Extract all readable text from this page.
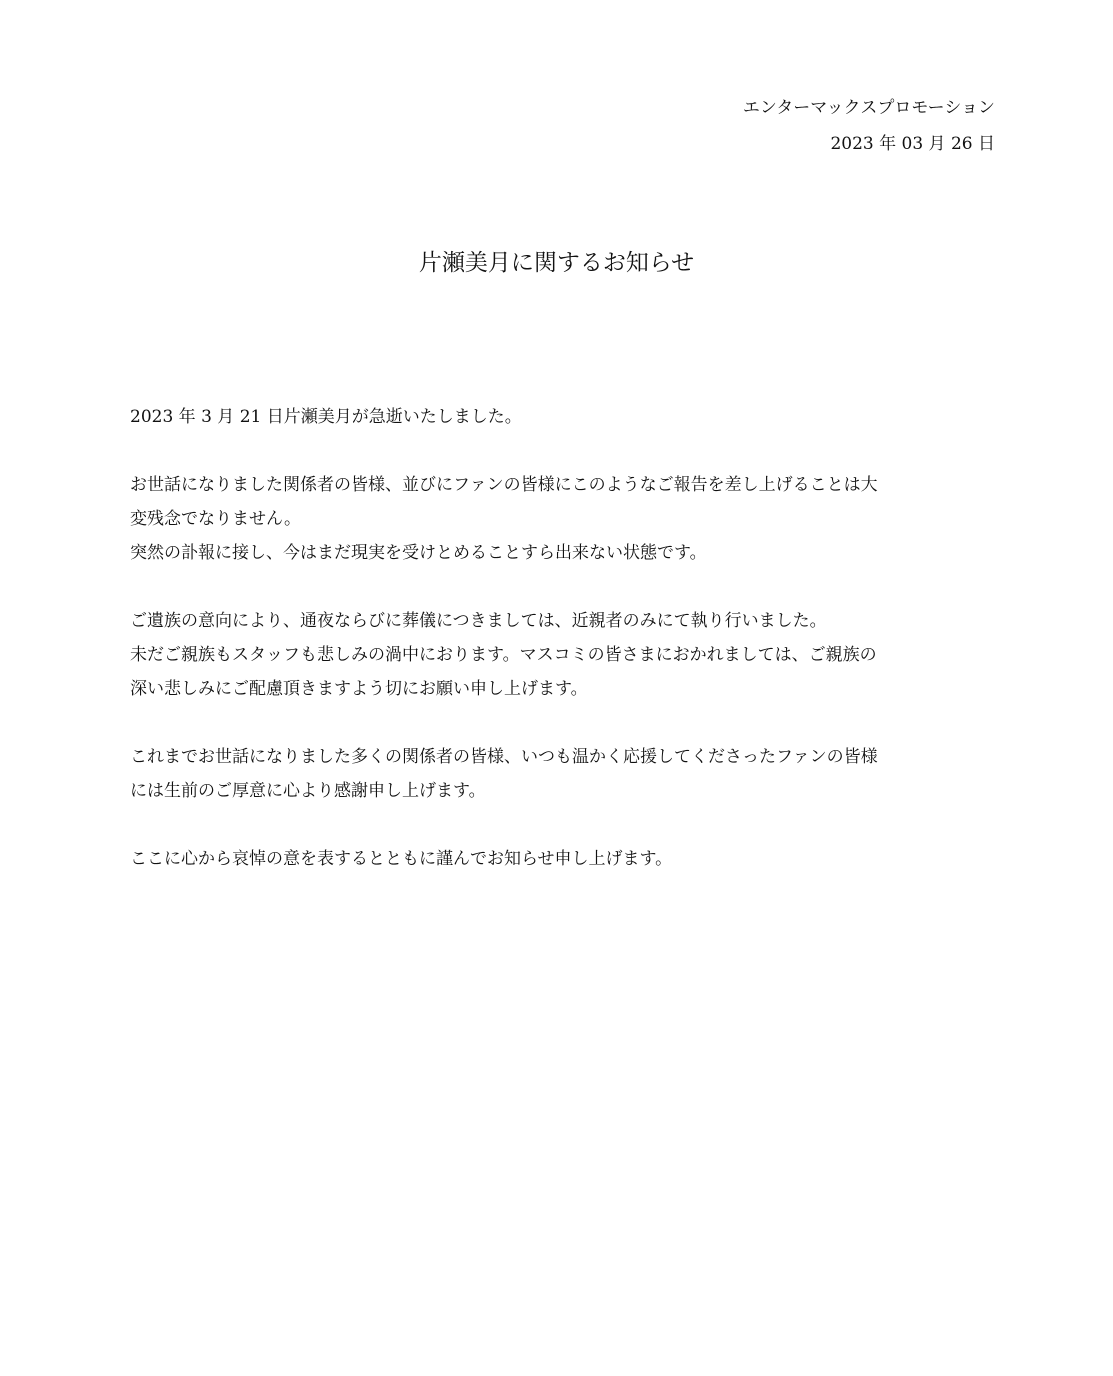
エンターマックスプロモーション
2023 年 03 月 26 日
片瀬美月に関するお知らせ
2023 年 3 月 21 日片瀬美月が急逝いたしました。
お世話になりました関係者の皆様、並びにファンの皆様にこのようなご報告を差し上げることは大
変残念でなりません。
突然の訃報に接し、今はまだ現実を受けとめることすら出来ない状態です。
ご遺族の意向により、通夜ならびに葬儀につきましては、近親者のみにて執り行いました。
未だご親族もスタッフも悲しみの渦中におります。マスコミの皆さまにおかれましては、ご親族の
深い悲しみにご配慮頂きますよう切にお願い申し上げます。
これまでお世話になりました多くの関係者の皆様、いつも温かく応援してくださったファンの皆様
には生前のご厚意に心より感謝申し上げます。
ここに心から哀悼の意を表するとともに謹んでお知らせ申し上げます。
